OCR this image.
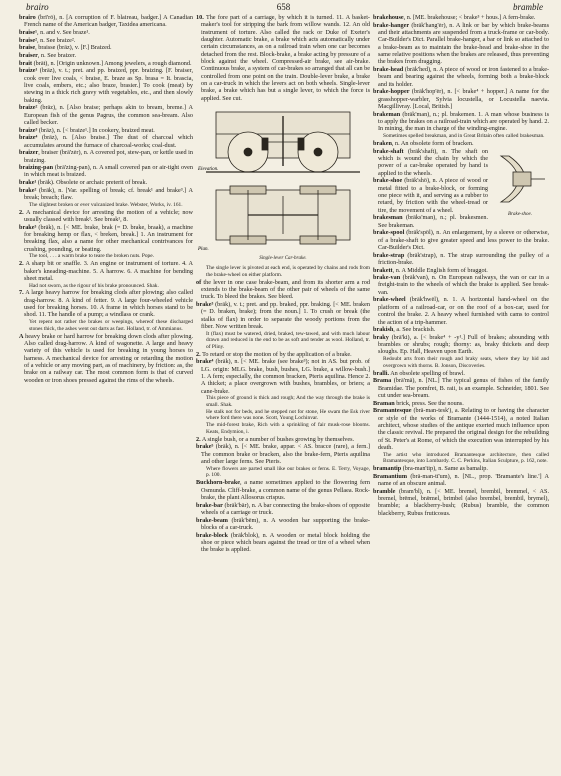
brairo	658	bramble

brairo (brī'rō), n. [A corruption of F. blaireau, badger.] A Canadian French name of the American badger, Taxidea americana.

braise¹, n. and v. See braze¹.

braise², n. See braize².

braise, braisse (brāz), v. [F.] Braized.

braiser, n. See braizer.

brait (brāt), n. [Origin unknown.] Among jewelers, a rough diamond.

braize¹ (brāz), v. t.; pret. and pp. braized, ppr. braizing. [F. braiser, cook over live coals, < braise, E. braze as Sp. brasa = It. brascia, live coals, embers, etc.; also braze, brasier.] To cook (meat) by stewing in a thick rich gravy with vegetables, etc., and then slowly baking.

braize² (brāz), n. [Also braise; perhaps akin to bream, breme.] A European fish of the genus Pagrus, the common sea-bream. Also called becker.

braize³ (brāz), n. [< braize¹.] In cookery, braized meat.

braize⁴ (brāz), n. [Also braise.] The dust of charcoal which accumulates around the furnace of charcoal-works; coal-dust.

braizer, braiser (brā'zėr), n. A covered pot, stew-pan, or kettle used in braizing.

braizing-pan (brā'zing-pan), n. A small covered pan or air-tight oven in which meat is braized.

brake¹ (brāk). Obsolete or archaic preterit of break.

brake² (brāk), n. [Var. spelling of break; cf. break¹ and brake³.] A break; breach; flaw.

The slightest broken or ever vulcanized brake. Webster, Works, iv. 161.

2. A mechanical device for arresting the motion of a vehicle; now usually classed with break¹. See break¹, 8.

brake³ (brāk), n. [< ME. brake, brak (= D. brake, braak), a machine for breaking hemp or flax, < breken, break.] 1. An instrument for breaking flax, also a name for other mechanical contrivances for crushing, pounding, or beating.

The tool, . . . a warm brake to teare the broken nuts. Pope.

2. A sharp bit or snaffle. 3. An engine or instrument of torture. 4. A baker's kneading-machine. 5. A harrow. 6. A machine for bending sheet metal.

Had not sworn, as the rigour of his brake pronounced. Shak.

7. A large heavy harrow for breaking clods after plowing; also called drag-harrow. 8. A kind of fetter. 9. A large four-wheeled vehicle used for breaking horses. 10. A frame in which horses stand to be shod. 11. The handle of a pump; a windlass or crank.

Yet repent not rather the brakes or weepings, whereof these discharged stones thick, the ashes went out darts as fast. Holland, tr. of Ammianus.

A heavy brake or hard harrow for breaking down clods after plowing. Also called drag-harrow. A kind of wagonette. A large and heavy variety of this vehicle is used for breaking in young horses to harness. A mechanical device for arresting or retarding the motion of a vehicle or any moving part, as of machinery, by friction: as, the brake on a railway car. The most common form is that of curved wooden or iron shoes pressed against the rims of the wheels.

10. The fore part of a carriage, by which it is turned. 11. A basket-maker's tool for stripping the bark from willow wands. 12. An old instrument of torture. Also called the rack or Duke of Exeter's daughter. Automatic brake, a brake which acts automatically under certain circumstances, as on a railroad train when one car becomes detached from the rest. Block-brake, a brake acting by pressure of a block against the wheel. Compressed-air brake, see air-brake. Continuous brake, a system of car-brakes so arranged that all can be controlled from one point on the train. Double-lever brake, a brake on a car-truck in which the levers act on both wheels. Single-lever brake, a brake which has but a single lever, to which the force is applied. See cut.

Elevation.
Plan.
Single-lever Car-brake.

The single lever is pivoted at each end, is operated by chains and rods from the brake-wheel on either platform.

of the lever in one case brake-beam, and from its shorter arm a rod extends to the brake-beam of the other pair of wheels of the same truck. To bleed the brakes. See bleed.

brake³ (brāk), v. t.; pret. and pp. braked, ppr. braking. [< ME. braken (= D. braken, brake); from the noun.] 1. To crush or break (the stalks of flax) in order to separate the woody portions from the fiber. Now written break.

It (flax) must be watered, dried, braked, tew-tawed, and with much labour drawn and reduced in the end to be as soft and tender as wool. Holland, tr. of Pliny.

2. To retard or stop the motion of by the application of a brake.

brake⁴ (brāk), n. [< ME. brake (see brake³); not in AS. but prob. of LG. origin: MLG. brake, bush, bushes, LG. brake, a willow-bush.] 1. A fern; especially, the common bracken, Pteris aquilina. Hence 2. A thicket; a place overgrown with bushes, brambles, or briers; a cane-brake.

This piece of ground is thick and rough; And the way through the brake is small. Shak.

He stalk not for beds, and he stepped not for stone, He swam the Esk river where ford there was none. Scott, Young Lochinvar.

The mid-forest brake, Rich with a sprinkling of fair musk-rose blooms. Keats, Endymion, i.

2. A single bush, or a number of bushes growing by themselves.

brake⁵ (brāk), n. [< ME. brake, appar. < AS. bracce (rare), a fern.] The common brake or bracken, also the brake-fern, Pteris aquilina and other large ferns. See Pteris.

Where flowers are parted small like our brakes or ferns. E. Terry, Voyage, p. 100.

Buckhorn-brake, a name sometimes applied to the flowering fern Osmunda. Cliff-brake, a common name of the genus Pellaea. Rock-brake, the plant Allosorus crispus.

brake-bar (brāk'bär), n. A bar connecting the brake-shoes of opposite wheels of a carriage or truck.

brake-beam (brāk'bēm), n. A wooden bar supporting the brake-blocks of a car-truck.

brake-block (brāk'blok), n. A wooden or metal block holding the shoe or piece which bears against the tread or tire of a wheel when the brake is applied.

brakehouse, n. [ME. brakehouse; < brake³ + hous.] A fern-brake.

brake-hanger (brāk'hang'ėr), n. A link or bar by which brake-beams and their attachments are suspended from a truck-frame or car-body. Car-Builder's Dict. Parallel brake-hanger, a bar or link so attached to a brake-beam as to maintain the brake-head and brake-shoe in the same relative positions when the brakes are released, thus preventing the brakes from dragging.

brake-head (brāk'hed), n. A piece of wood or iron fastened to a brake-beam and bearing against the wheels, forming both a brake-block and its holder.

brake-hopper (brāk'hop'ėr), n. [< brake⁴ + hopper.] A name for the grasshopper-warbler, Sylvia locustella, or Locustella naevia. Macgillivray. [Local, British.]

brakeman (brāk'man), n.; pl. brakemen. 1. A man whose business is to apply the brakes on a railroad-train which are operated by hand. 2. In mining, the man in charge of the winding-engine.

Sometimes spelled breakman, and in Great Britain often called brakesman.

braken, n. An obsolete form of bracken.

Brake-shoe.

brake-shaft (brāk'shaft), n. The shaft on which is wound the chain by which the power of a car-brake operated by hand is applied to the wheels.

brake-shoe (brāk'shö), n. A piece of wood or metal fitted to a brake-block, or forming one piece with it, and serving as a rubber to retard, by friction with the wheel-tread or tire, the movement of a wheel.

brakesman (brāks'man), n.; pl. brakesmen. See brakeman.

brake-spool (brāk'spöl), n. An enlargement, by a sleeve or otherwise, of a brake-shaft to give greater speed and less power to the brake. Car-Builder's Dict.

brake-strap (brāk'strap), n. The strap surrounding the pulley of a friction-brake.

brakett, n. A Middle English form of braggot.

brake-van (brāk'van), n. On European railways, the van or car in a freight-train to the wheels of which the brake is applied. See break-van.

brake-wheel (brāk'hwēl), n. 1. A horizontal hand-wheel on the platform of a railroad-car, or on the roof of a box-car, used for control the brake. 2. A heavy wheel furnished with cams to control the action of a trip-hammer.

brakish, a. See brackish.

braky (brā'ki), a. [< brake⁴ + -y¹.] Full of brakes; abounding with brambles or shrubs; rough; thorny: as, braky thickets and deep sloughs. Ep. Hall, Heaven upon Earth.

Redoubt arts from their rough and braky seats, where they lay hid and overgrown with thorns. B. Jonson, Discoveries.

bralli. An obsolete spelling of brawl.

Brama (brā'mä), n. [NL.] The typical genus of fishes of the family Bramidae. The pomfret, B. raii, is an example. Schneider, 1801. See cut under sea-bream.

Braman brick, press. See the nouns.

Bramantesque (brä-man-tesk'), a. Relating to or having the character or style of the works of Bramante (1444-1514), a noted Italian architect, whose studies of the antique exerted much influence upon the classic revival. He prepared the original design for the rebuilding of St. Peter's at Rome, of which the execution was interrupted by his death.

The artist who introduced Bramantesque architecture, then called Bramantesque, into Lombardy. C. C. Perkins, Italian Sculpture, p. 162, note.

bramantip (bra-man'tip), n. Same as bamalip.

Bramantium (brä-man-tī'um), n. [NL., prop. 'Bramante's line.'] A name of an obscure animal.

bramble (bram'bl), n. [< ME. bremel, brembil, bremmel, < AS. bremel, brēmel, brǣmel, brimbel (also brembel, brembil, brymel), bramble; a blackberry-bush; (Rubus) bramble, the common blackberry, Rubus fruticosus.
